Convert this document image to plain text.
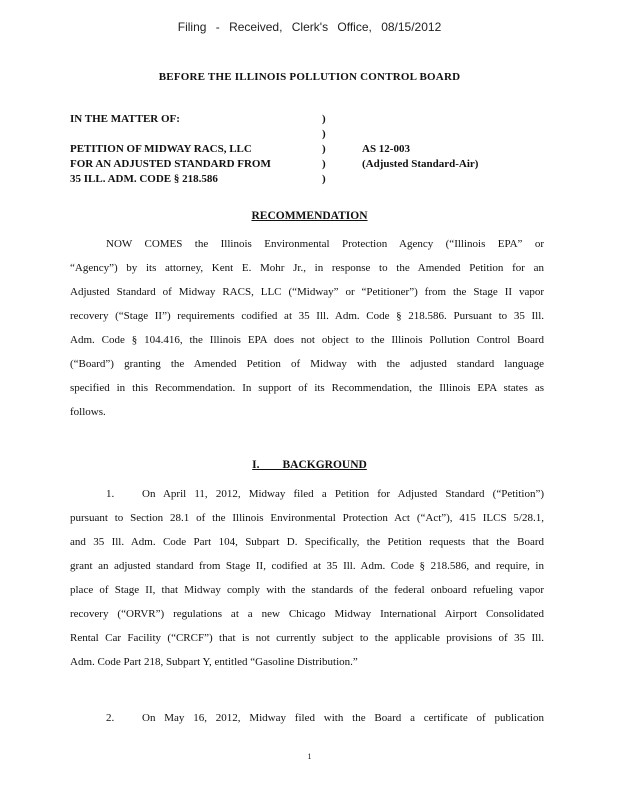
Filing - Received, Clerk's Office, 08/15/2012
BEFORE THE ILLINOIS POLLUTION CONTROL BOARD
IN THE MATTER OF:	)
)
PETITION OF MIDWAY RACS, LLC	)	AS 12-003
FOR AN ADJUSTED STANDARD FROM	)	(Adjusted Standard-Air)
35 ILL. ADM. CODE § 218.586	)
RECOMMENDATION
NOW COMES the Illinois Environmental Protection Agency (“Illinois EPA” or
“Agency”) by its attorney, Kent E. Mohr Jr., in response to the Amended Petition for an
Adjusted Standard of Midway RACS, LLC (“Midway” or “Petitioner”) from the Stage II vapor
recovery (“Stage II”) requirements codified at 35 Ill. Adm. Code § 218.586. Pursuant to 35 Ill.
Adm. Code § 104.416, the Illinois EPA does not object to the Illinois Pollution Control Board
(“Board”) granting the Amended Petition of Midway with the adjusted standard language
specified in this Recommendation. In support of its Recommendation, the Illinois EPA states as
follows.
I.        BACKGROUND
1.	On April 11, 2012, Midway filed a Petition for Adjusted Standard (“Petition”)
pursuant to Section 28.1 of the Illinois Environmental Protection Act (“Act”), 415 ILCS 5/28.1,
and 35 Ill. Adm. Code Part 104, Subpart D. Specifically, the Petition requests that the Board
grant an adjusted standard from Stage II, codified at 35 Ill. Adm. Code § 218.586, and require, in
place of Stage II, that Midway comply with the standards of the federal onboard refueling vapor
recovery (“ORVR”) regulations at a new Chicago Midway International Airport Consolidated
Rental Car Facility (“CRCF”) that is not currently subject to the applicable provisions of 35 Ill.
Adm. Code Part 218, Subpart Y, entitled “Gasoline Distribution.”
2.	On May 16, 2012, Midway filed with the Board a certificate of publication
1
